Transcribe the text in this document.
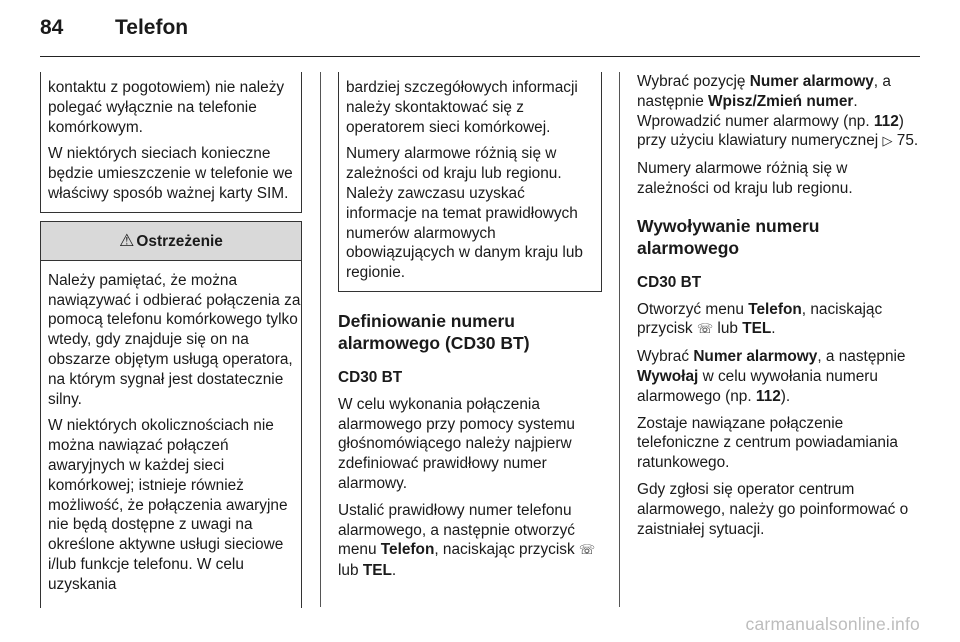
84 Telefon

kontaktu z pogotowiem) nie należy polegać wyłącznie na telefonie komórkowym.

W niektórych sieciach konieczne będzie umieszczenie w telefonie we właściwy sposób ważnej karty SIM.

⚠ Ostrzeżenie

Należy pamiętać, że można nawiązywać i odbierać połączenia za pomocą telefonu komórkowego tylko wtedy, gdy znajduje się on na obszarze objętym usługą operatora, na którym sygnał jest dostatecznie silny.

W niektórych okolicznościach nie można nawiązać połączeń awaryjnych w każdej sieci komórkowej; istnieje również możliwość, że połączenia awaryjne nie będą dostępne z uwagi na określone aktywne usługi sieciowe i/lub funkcje telefonu. W celu uzyskania

bardziej szczegółowych informacji należy skontaktować się z operatorem sieci komórkowej.

Numery alarmowe różnią się w zależności od kraju lub regionu. Należy zawczasu uzyskać informacje na temat prawidłowych numerów alarmowych obowiązujących w danym kraju lub regionie.

Definiowanie numeru alarmowego (CD30 BT)

CD30 BT

W celu wykonania połączenia alarmowego przy pomocy systemu głośnomówiącego należy najpierw zdefiniować prawidłowy numer alarmowy.

Ustalić prawidłowy numer telefonu alarmowego, a następnie otworzyć menu Telefon, naciskając przycisk ☏ lub TEL.

Wybrać pozycję Numer alarmowy, a następnie Wpisz/Zmień numer. Wprowadzić numer alarmowy (np. 112) przy użyciu klawiatury numerycznej ▷ 75.

Numery alarmowe różnią się w zależności od kraju lub regionu.

Wywoływanie numeru alarmowego

CD30 BT

Otworzyć menu Telefon, naciskając przycisk ☏ lub TEL.

Wybrać Numer alarmowy, a następnie Wywołaj w celu wywołania numeru alarmowego (np. 112).

Zostaje nawiązane połączenie telefoniczne z centrum powiadamiania ratunkowego.

Gdy zgłosi się operator centrum alarmowego, należy go poinformować o zaistniałej sytuacji.

carmanualsonline.info
